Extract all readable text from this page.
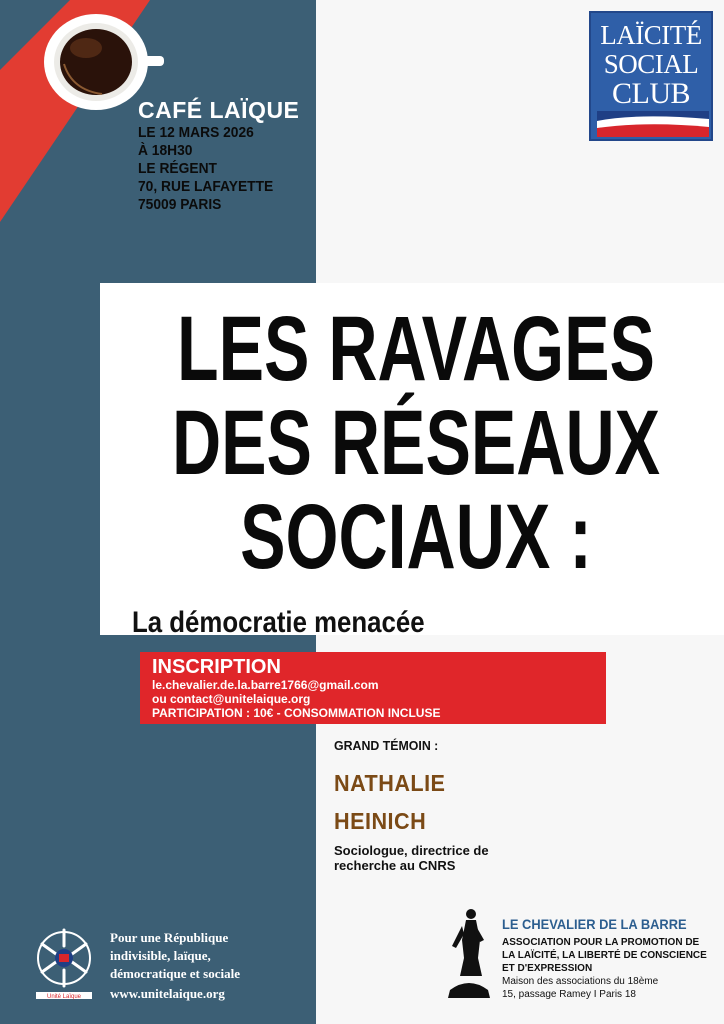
CAFÉ LAÏQUE
LE 12 MARS 2026
À 18H30
LE RÉGENT
70, RUE LAFAYETTE
75009 PARIS
LAÏCITÉ
SOCIAL
CLUB
LES RAVAGES
DES RÉSEAUX
SOCIAUX :
La démocratie menacée
INSCRIPTION
le.chevalier.de.la.barre1766@gmail.com
ou contact@unitelaique.org
PARTICIPATION : 10€ - CONSOMMATION INCLUSE
GRAND TÉMOIN :
NATHALIE
HEINICH
Sociologue, directrice de
recherche au CNRS
Unité Laïque
Pour une République
indivisible, laïque,
démocratique et sociale
www.unitelaique.org
LE CHEVALIER DE LA BARRE
ASSOCIATION POUR LA PROMOTION DE
LA LAÏCITÉ, LA LIBERTÉ DE CONSCIENCE
ET D'EXPRESSION
Maison des associations du 18ème
15, passage Ramey I Paris 18
